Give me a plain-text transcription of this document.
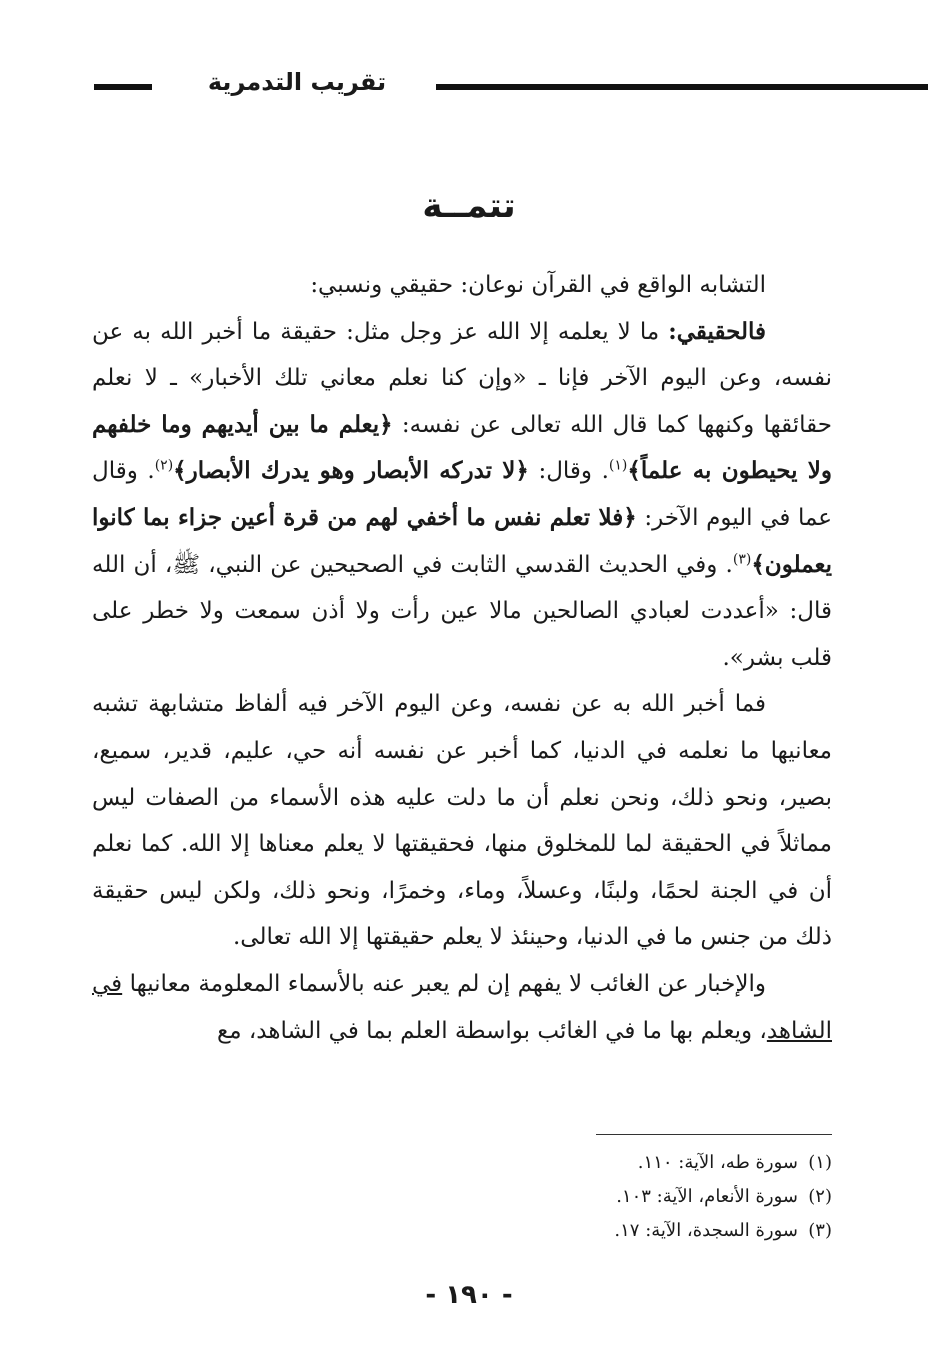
تقريب التدمرية
تتمــة

التشابه الواقع في القرآن نوعان: حقيقي ونسبي:

فالحقيقي: ما لا يعلمه إلا الله عز وجل مثل: حقيقة ما أخبر الله به عن نفسه، وعن اليوم الآخر فإنا ـ «وإن كنا نعلم معاني تلك الأخبار» ـ لا نعلم حقائقها وكنهها كما قال الله تعالى عن نفسه: ﴿يعلم ما بين أيديهم وما خلفهم ولا يحيطون به علماً﴾$^{(١)}$. وقال: ﴿لا تدركه الأبصار وهو يدرك الأبصار﴾$^{(٢)}$. وقال عما في اليوم الآخر: ﴿فلا تعلم نفس ما أخفي لهم من قرة أعين جزاء بما كانوا يعملون﴾$^{(٣)}$. وفي الحديث القدسي الثابت في الصحيحين عن النبي، ﷺ، أن الله قال: «أعددت لعبادي الصالحين مالا عين رأت ولا أذن سمعت ولا خطر على قلب بشر».

فما أخبر الله به عن نفسه، وعن اليوم الآخر فيه ألفاظ متشابهة تشبه معانيها ما نعلمه في الدنيا، كما أخبر عن نفسه أنه حي، عليم، قدير، سميع، بصير، ونحو ذلك، ونحن نعلم أن ما دلت عليه هذه الأسماء من الصفات ليس مماثلاً في الحقيقة لما للمخلوق منها، فحقيقتها لا يعلم معناها إلا الله. كما نعلم أن في الجنة لحمًا، ولبنًا، وعسلاً، وماء، وخمرًا، ونحو ذلك، ولكن ليس حقيقة ذلك من جنس ما في الدنيا، وحينئذ لا يعلم حقيقتها إلا الله تعالى.

والإخبار عن الغائب لا يفهم إن لم يعبر عنه بالأسماء المعلومة معانيها في الشاهد، ويعلم بها ما في الغائب بواسطة العلم بما في الشاهد، مع

(١)سورة طه، الآية: ١١٠.
(٢)سورة الأنعام، الآية: ١٠٣.
(٣)سورة السجدة، الآية: ١٧.
- ١٩٠ -
